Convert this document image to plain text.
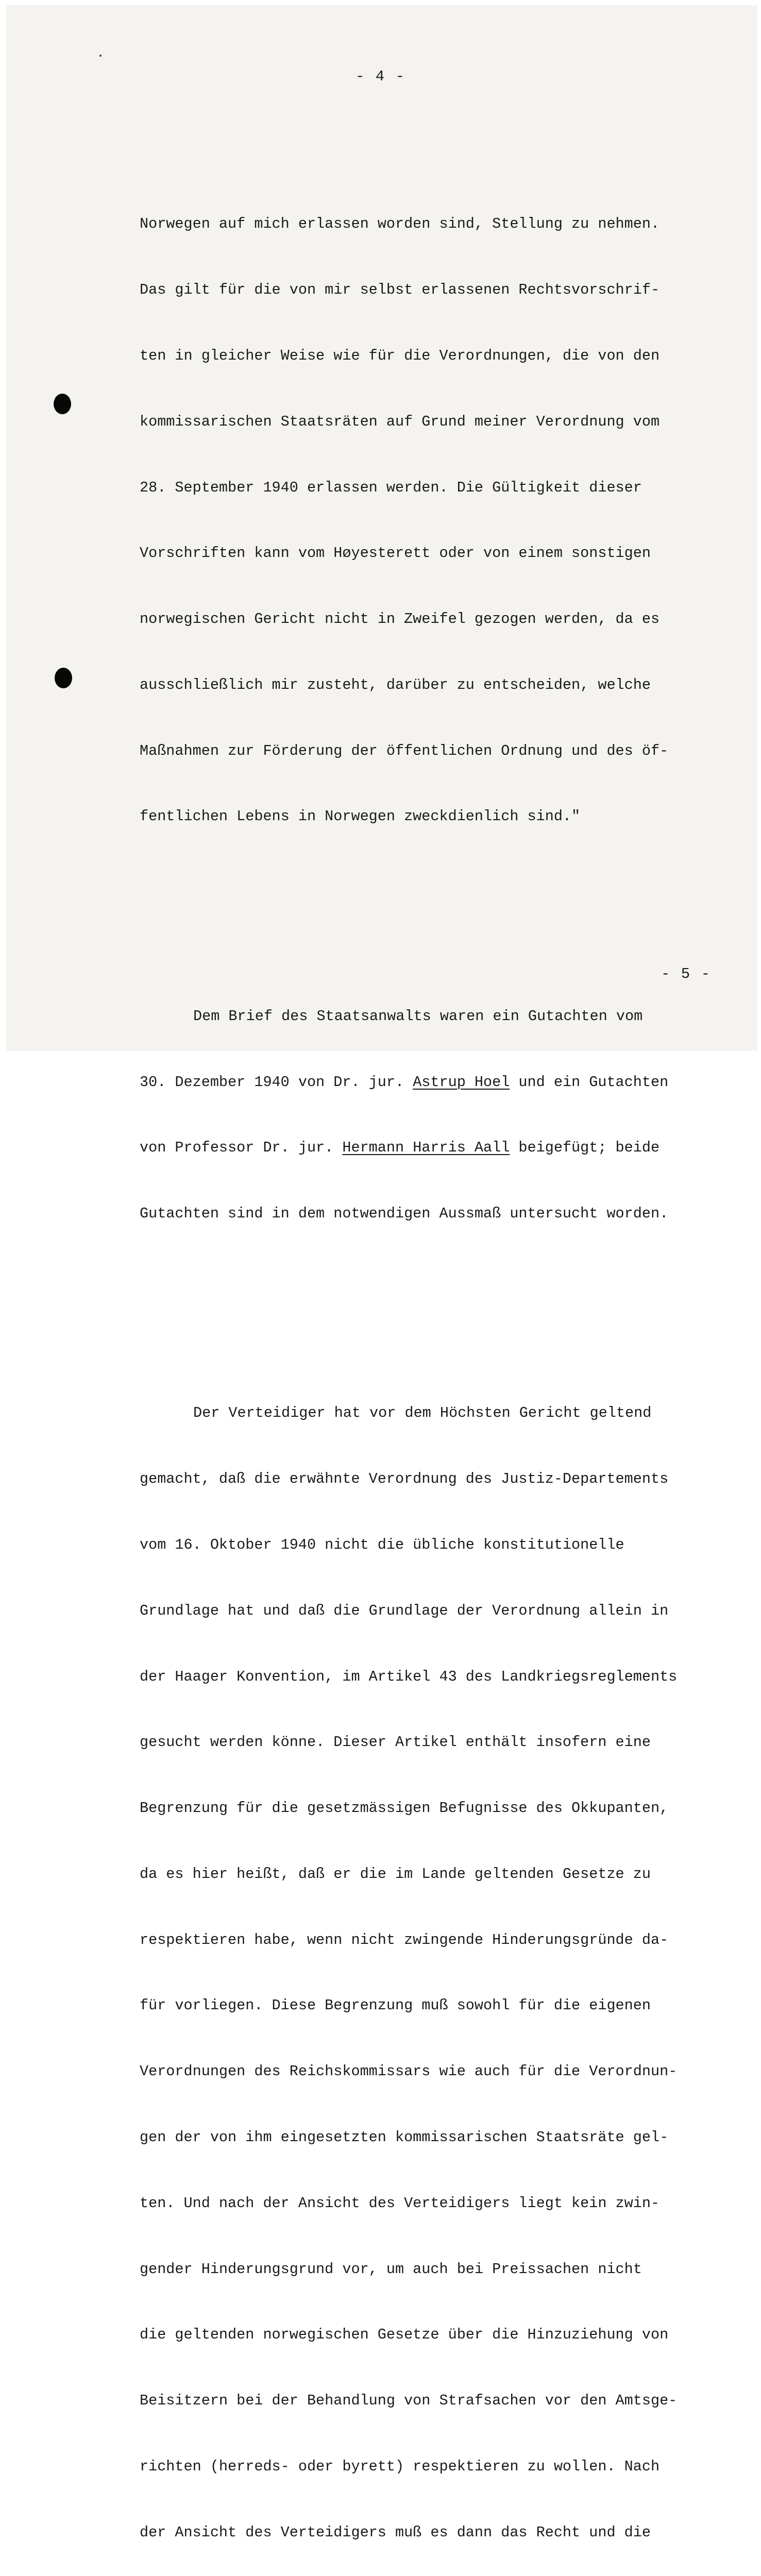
- 4 -

Norwegen auf mich erlassen worden sind, Stellung zu nehmen.

Das gilt für die von mir selbst erlassenen Rechtsvorschrif-

ten in gleicher Weise wie für die Verordnungen, die von den

kommissarischen Staatsräten auf Grund meiner Verordnung vom

28. September 1940 erlassen werden. Die Gültigkeit dieser

Vorschriften kann vom Høyesterett oder von einem sonstigen

norwegischen Gericht nicht in Zweifel gezogen werden, da es

ausschließlich mir zusteht, darüber zu entscheiden, welche

Maßnahmen zur Förderung der öffentlichen Ordnung und des öf-

fentlichen Lebens in Norwegen zweckdienlich sind."

Dem Brief des Staatsanwalts waren ein Gutachten vom

30. Dezember 1940 von Dr. jur. Astrup Hoel und ein Gutachten

von Professor Dr. jur. Hermann Harris Aall beigefügt; beide

Gutachten sind in dem notwendigen Aussmaß untersucht worden.

Der Verteidiger hat vor dem Höchsten Gericht geltend

gemacht, daß die erwähnte Verordnung des Justiz-Departements

vom 16. Oktober 1940 nicht die übliche konstitutionelle

Grundlage hat und daß die Grundlage der Verordnung allein in

der Haager Konvention, im Artikel 43 des Landkriegsreglements

gesucht werden könne. Dieser Artikel enthält insofern eine

Begrenzung für die gesetzmässigen Befugnisse des Okkupanten,

da es hier heißt, daß er die im Lande geltenden Gesetze zu

respektieren habe, wenn nicht zwingende Hinderungsgründe da-

für vorliegen. Diese Begrenzung muß sowohl für die eigenen

Verordnungen des Reichskommissars wie auch für die Verordnun-

gen der von ihm eingesetzten kommissarischen Staatsräte gel-

ten. Und nach der Ansicht des Verteidigers liegt kein zwin-

gender Hinderungsgrund vor, um auch bei Preissachen nicht

die geltenden norwegischen Gesetze über die Hinzuziehung von

Beisitzern bei der Behandlung von Strafsachen vor den Amtsge-

richten (herreds- oder byrett) respektieren zu wollen. Nach

der Ansicht des Verteidigers muß es dann das Recht und die

- 5 -
